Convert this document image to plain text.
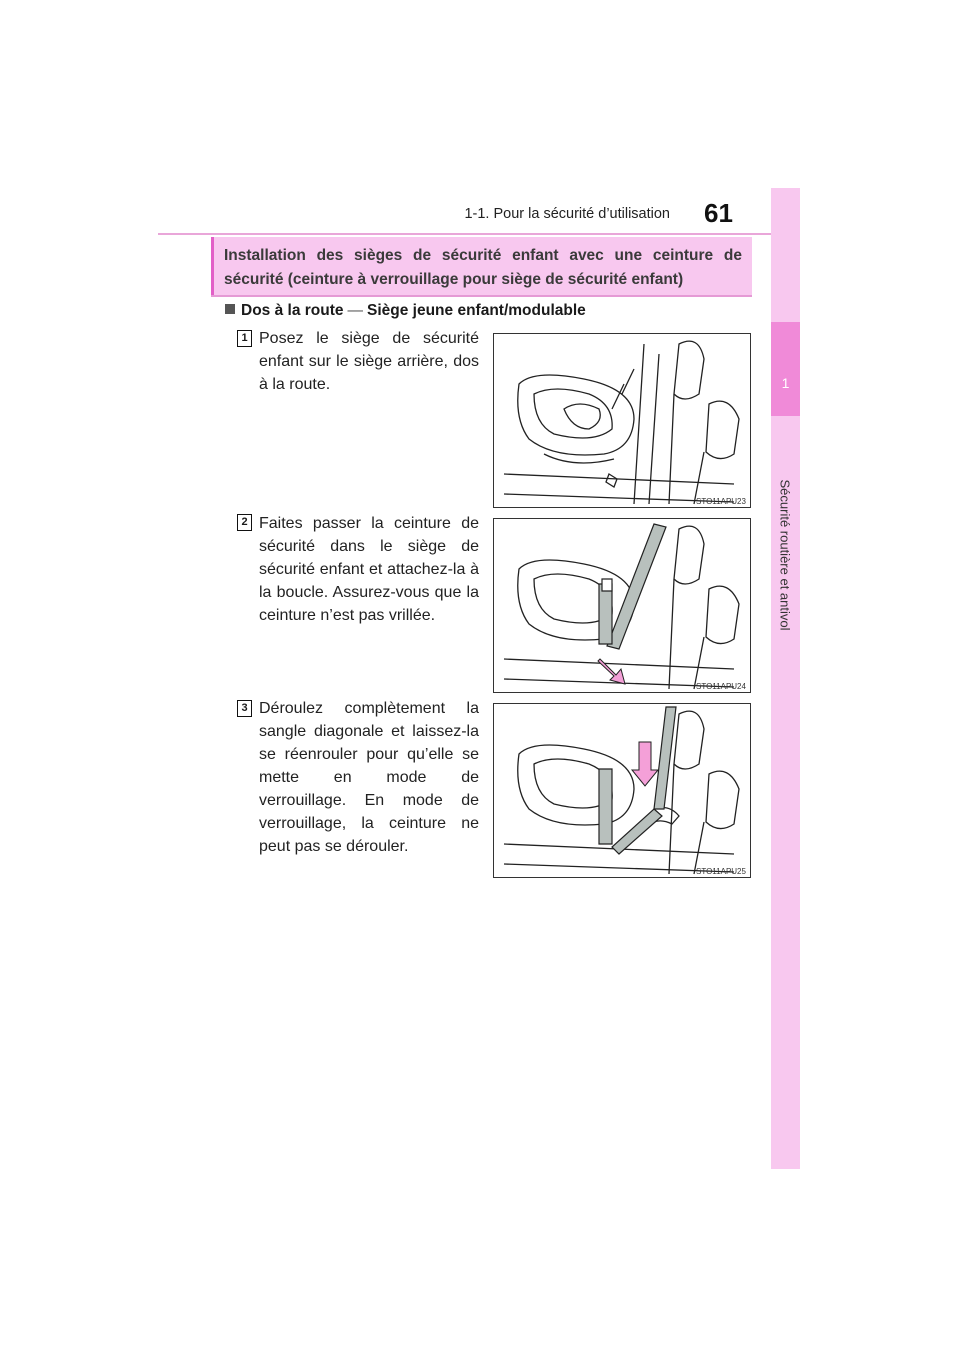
1-1. Pour la sécurité d’utilisation 61
1
Sécurité routière et antivol
Installation des sièges de sécurité enfant avec une ceinture de sécurité (ceinture à verrouillage pour siège de sécurité enfant)
Dos à la route — Siège jeune enfant/modulable
1 Posez le siège de sécurité enfant sur le siège arrière, dos à la route.
STO11APU23
2 Faites passer la ceinture de sécurité dans le siège de sécurité enfant et attachez-la à la boucle. Assurez-vous que la ceinture n’est pas vrillée.
STO11APU24
3 Déroulez complètement la sangle diagonale et laissez-la se réenrouler pour qu’elle se mette en mode de verrouillage. En mode de verrouillage, la ceinture ne peut pas se dérouler.
STO11APU25
